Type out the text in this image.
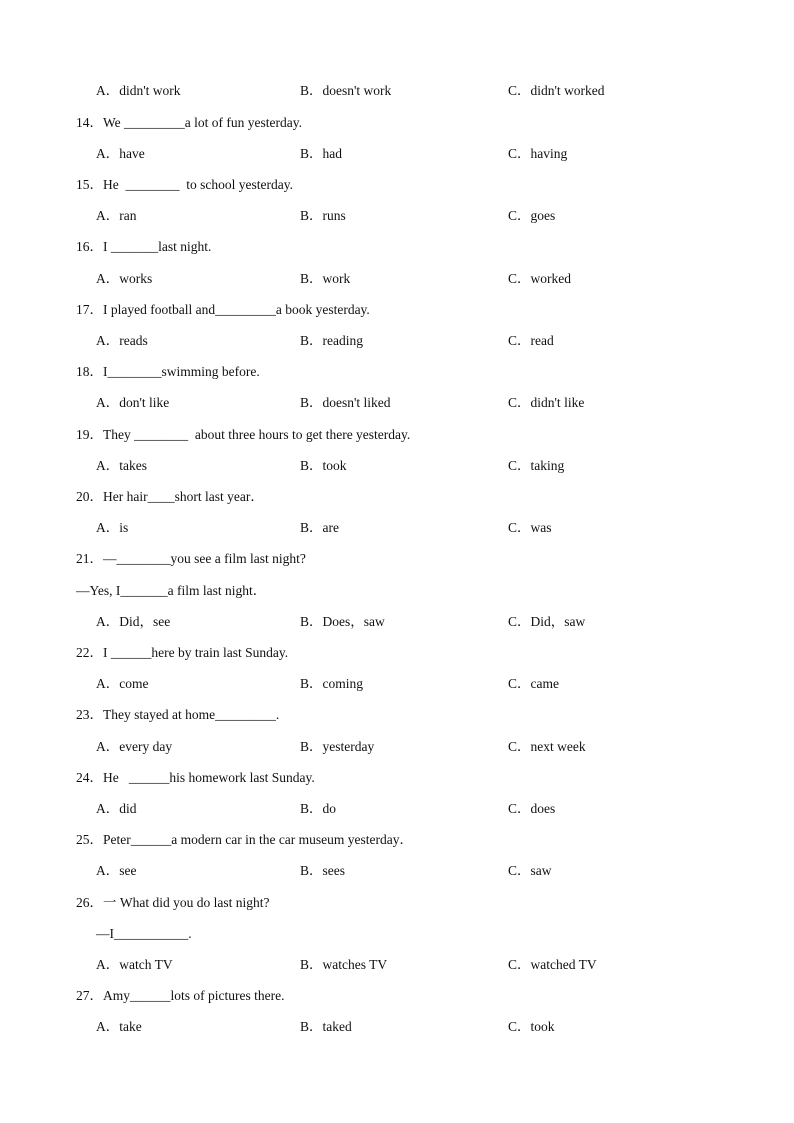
A．didn't work	B．doesn't work	C．didn't worked
14．We _________a lot of fun yesterday.
A．have	B．had	C．having
15．He  ________  to school yesterday.
A．ran	B．runs	C．goes
16．I _______last night.
A．works	B．work	C．worked
17．I played football and_________a book yesterday.
A．reads	B．reading	C．read
18．I________swimming before.
A．don't like	B．doesn't liked	C．didn't like
19．They ________  about three hours to get there yesterday.
A．takes	B．took	C．taking
20．Her hair____short last year．
A．is	B．are	C．was
21．—________you see a film last night?
—Yes, I_______a film last night．
A．Did，see	B．Does，saw	C．Did，saw
22．I ______here by train last Sunday.
A．come	B．coming	C．came
23．They stayed at home_________.
A．every day	B．yesterday	C．next week
24．He   ______his homework last Sunday.
A．did	B．do	C．does
25．Peter______a modern car in the car museum yesterday．
A．see	B．sees	C．saw
26．一 What did you do last night?
—I___________.
A．watch TV	B．watches TV	C．watched TV
27．Amy______lots of pictures there.
A．take	B．taked	C．took
